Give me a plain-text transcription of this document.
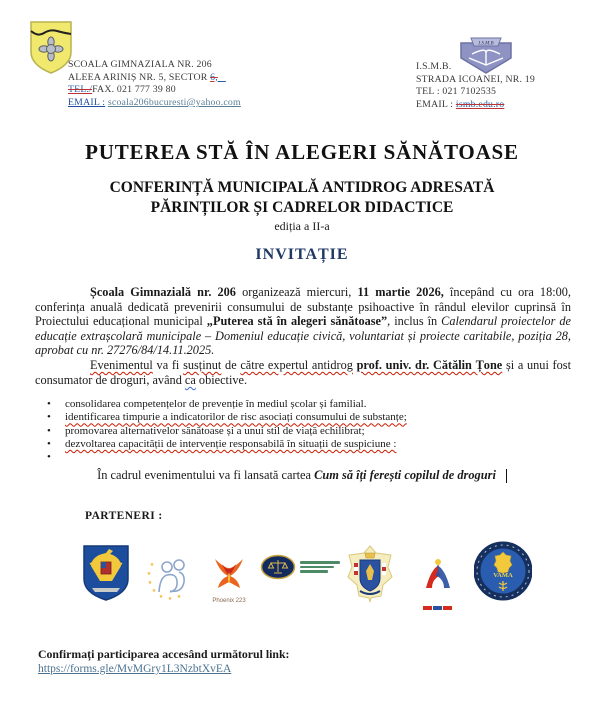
SCOALA GIMNAZIALA NR. 206
ALEEA ARINIȘ NR. 5, SECTOR 6,
TEL./FAX. 021 777 39 80
EMAIL : scoala206bucuresti@yahoo.com
I.S.M.B
I.S.M.B.
STRADA ICOANEI, NR. 19
TEL : 021 7102535
EMAIL : ismb.edu.ro
PUTEREA STĂ ÎN ALEGERI SĂNĂTOASE
CONFERINȚĂ MUNICIPALĂ ANTIDROG ADRESATĂ PĂRINȚILOR ȘI CADRELOR DIDACTICE
ediția a II-a
INVITAȚIE
Școala Gimnazială nr. 206 organizează miercuri, 11 martie 2026, începând cu ora 18:00, conferința anuală dedicată prevenirii consumului de substanțe psihoactive în rândul elevilor cuprinsă în Proiectului educațional municipal „Puterea stă în alegeri sănătoase”, inclus în Calendarul proiectelor de educație extrașcolară municipale – Domeniul educație civică, voluntariat și proiecte caritabile, poziția 28, aprobat cu nr. 27276/84/14.11.2025.
Evenimentul va fi susținut de către expertul antidrog prof. univ. dr. Cătălin Țone și a unui fost consumator de droguri, având ca obiective.
• consolidarea competențelor de prevenție în mediul școlar și familial.
• identificarea timpurie a indicatorilor de risc asociați consumului de substanțe;
• promovarea alternativelor sănătoase și a unui stil de viață echilibrat;
• dezvoltarea capacității de intervenție responsabilă în situații de suspiciune :
•
În cadrul evenimentului va fi lansată cartea Cum să îți ferești copilul de droguri
PARTENERI :
★
★
★
★
★ ★ ★
Phoenix 223
VAMA
Confirmați participarea accesând următorul link:
https://forms.gle/MvMGry1L3NzbtXvEA
